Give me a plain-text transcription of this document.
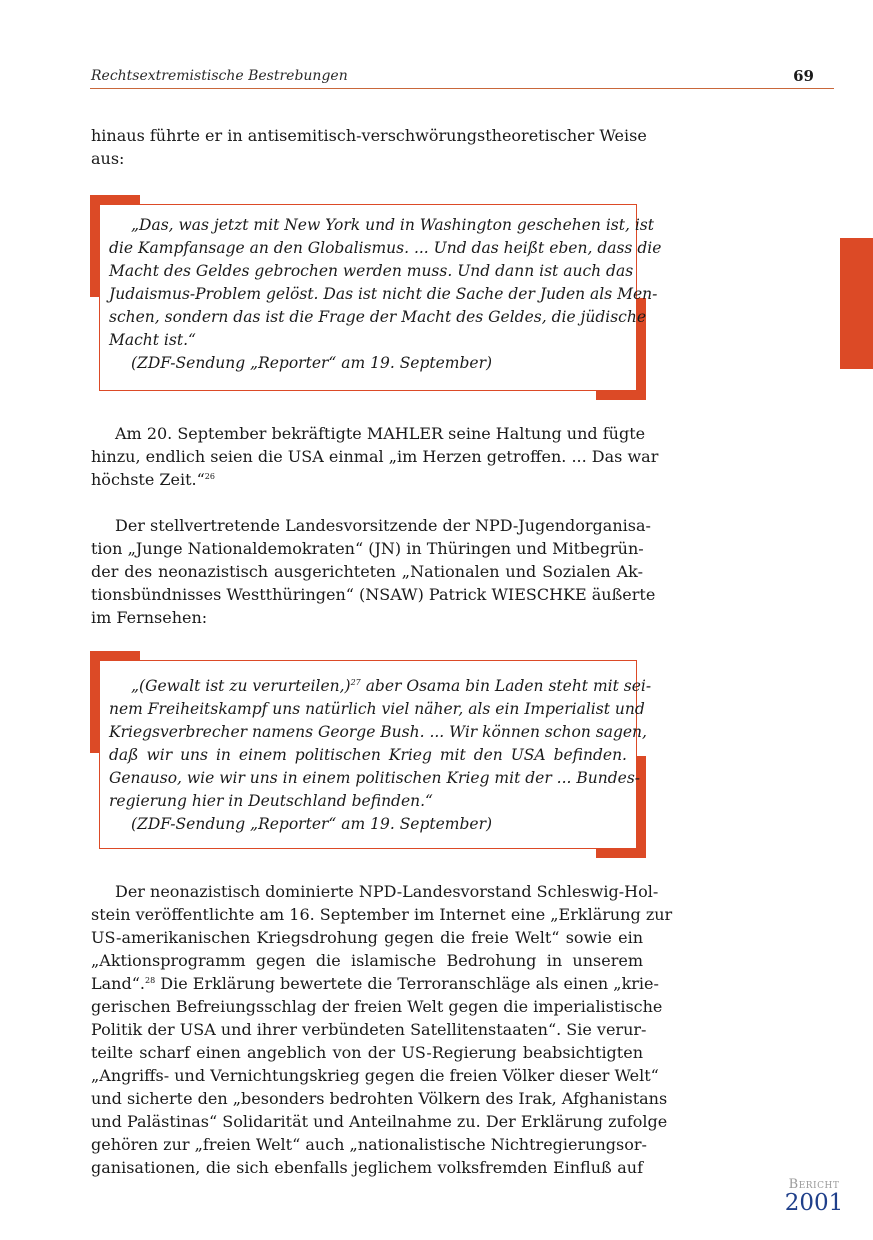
Rechtsextremistische Bestrebungen	69
hinaus führte er in antisemitisch-verschwörungstheoretischer Weise
aus:
„Das, was jetzt mit New York und in Washington geschehen ist, ist
die Kampfansage an den Globalismus. ... Und das heißt eben, dass die
Macht des Geldes gebrochen werden muss. Und dann ist auch das
Judaismus-Problem gelöst. Das ist nicht die Sache der Juden als Men-
schen, sondern das ist die Frage der Macht des Geldes, die jüdische
Macht ist.“
(ZDF-Sendung „Reporter“ am 19. September)
Am 20. September bekräftigte MAHLER seine Haltung und fügte
hinzu, endlich seien die USA einmal „im Herzen getroffen. ... Das war
höchste Zeit.“$^{26}$
Der stellvertretende Landesvorsitzende der NPD-Jugendorganisa-
tion „Junge Nationaldemokraten“ (JN) in Thüringen und Mitbegrün-
der des neonazistisch ausgerichteten „Nationalen und Sozialen Ak-
tionsbündnisses Westthüringen“ (NSAW) Patrick WIESCHKE äußerte
im Fernsehen:
„(Gewalt ist zu verurteilen,)$^{27}$ aber Osama bin Laden steht mit sei-
nem Freiheitskampf uns natürlich viel näher, als ein Imperialist und
Kriegsverbrecher namens George Bush. ... Wir können schon sagen,
daß wir uns in einem politischen Krieg mit den USA befinden.
Genauso, wie wir uns in einem politischen Krieg mit der ... Bundes-
regierung hier in Deutschland befinden.“
(ZDF-Sendung „Reporter“ am 19. September)
Der neonazistisch dominierte NPD-Landesvorstand Schleswig-Hol-
stein veröffentlichte am 16. September im Internet eine „Erklärung zur
US-amerikanischen Kriegsdrohung gegen die freie Welt“ sowie ein
„Aktionsprogramm gegen die islamische Bedrohung in unserem
Land“.$^{28}$ Die Erklärung bewertete die Terroranschläge als einen „krie-
gerischen Befreiungsschlag der freien Welt gegen die imperialistische
Politik der USA und ihrer verbündeten Satellitenstaaten“. Sie verur-
teilte scharf einen angeblich von der US-Regierung beabsichtigten
„Angriffs- und Vernichtungskrieg gegen die freien Völker dieser Welt“
und sicherte den „besonders bedrohten Völkern des Irak, Afghanistans
und Palästinas“ Solidarität und Anteilnahme zu. Der Erklärung zufolge
gehören zur „freien Welt“ auch „nationalistische Nichtregierungsor-
ganisationen, die sich ebenfalls jeglichem volksfremden Einfluß auf
Bericht
2001
